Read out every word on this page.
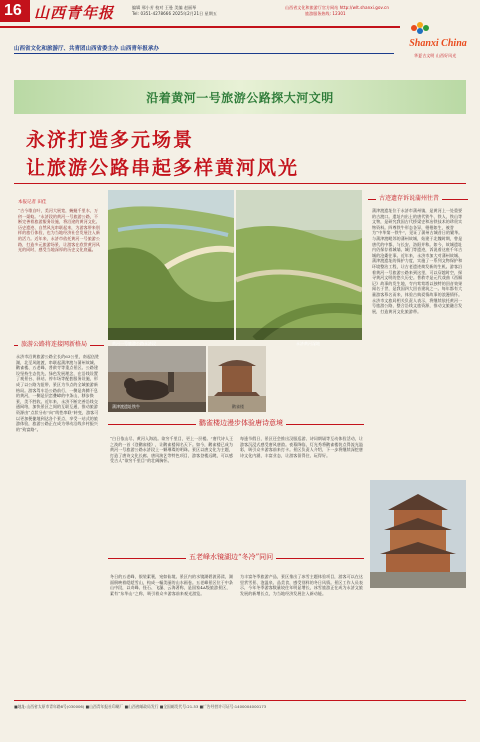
16 山西青年报	编辑 邢小芳 校对 王曼 美编 赵丽琴
Tel: 0351-4278666 2025年2月21日 星期五
山西省文化和旅游厅官方网站 http://wlt.shanxi.gov.cn
旅游服务热线: 12301
Shanxi China
华夏古文明 山西好风光
山西省文化和旅游厅、共青团山西省委主办 山西青年报承办
沿着黄河一号旅游公路探大河文明
永济打造多元场景
让旅游公路串起多样黄河风光
本报记者 田佳
“古今歌自叶，美河大展宽，蜿蜒千里水，万仞一渠蛟。”永济段的黄河一号旅游公路，不断完善着旅游服务设施，将沿途的黄河文化、历史遗迹、自然风光串联起来，为游客带来别样的旅行体验，也为当地经济社会发展注入新的活力。近年来，永济市依托黄河一号旅游公路，打造多元旅游场景，让游客在欣赏黄河风光的同时，感受当地深厚的历史文化底蕴。
旅游公路将连接网新格局
永济市沿黄旅游公路全长约63公里，南起伍姓湖，北至风陵渡，串联起蒲津渡与蒲州故城、鹳雀楼、五老峰、普救寺等重点景区。公路建设坚持生态优先、绿色发展理念，在沿线设置了观景台、驿站、停车场等配套服务设施，形成了以公路为纽带、景区为节点的全域旅游新格局。游客驾车沿公路前行，一侧是奔腾不息的黄河，一侧是层峦叠嶂的中条山，移步换景，美不胜收。近年来，永济不断完善沿线交通网络，加快景区之间的互联互通，推动旅游资源由“点状分布”向“线性串联”转变，游客可以更加便捷地到达各个景点，享受一站式的旅游体验，旅游公路正在成为带动沿线乡村振兴的“致富路”。
黄河一号旅游公路永济段	永济黄河湿地
蒲津渡遗址铁牛	鹳雀楼
鹳雀楼边漫步体验唐诗意境
“白日依山尽，黄河入海流。欲穷千里目，更上一层楼。”唐代诗人王之涣的一首《登鹳雀楼》，让鹳雀楼闻名天下。如今，鹳雀楼已成为黄河一号旅游公路永济段上一颗璀璨的明珠。景区以唐文化为主题，打造了唐诗文化长廊、唐风演艺等特色项目，游客登楼远眺，可以感受古人“欲穷千里目”的壮阔胸怀。
每逢节假日，景区还会推出汉服巡游、诗词朗诵等互动体验活动，让游客沉浸式感受唐风唐韵。夜幕降临，灯光秀将鹳雀楼装点得流光溢彩，吸引众多游客前来打卡。景区负责人介绍，下一步将继续深挖唐诗文化内涵，丰富业态，让游客留得住、玩得好。
五老峰水镜湖边“冬冷”同问
冬日的五老峰，银装素裹，宛如仙境。景区内的水镜湖碧波荡漾，湖面倒映着皑皑雪山，构成一幅美丽的山水画卷。五老峰景区位于中条山中段，以奇峰、怪石、飞瀑、云海著称，是国家4A级旅游景区，素有“东华山”之称，吸引着众多游客前来观光游览。
为丰富冬季旅游产品，景区推出了冰雪主题体验项目，游客可以在这里赏雪景、泡温泉、品美食，感受别样的冬日风情。景区工作人员表示，今年冬季游客数量较往年明显增长，冰雪旅游正在成为永济文旅发展的新增长点，为当地经济发展注入新动能。
古迹遗存诉说蒲州往昔
蒲津渡遗址位于永济市蒲州镇，是黄河上一处重要的古渡口。遗址内出土的唐代铁牛、铁人、铁山等文物，是研究我国古代桥梁史和冶铁技术的珍贵实物资料。四尊铁牛形态各异，栩栩如生，被誉为“中华第一铁牛”，见证了蒲州古城昔日的繁华。与蒲津渡毗邻的蒲州故城，始建于北魏时期，曾是唐代的中都，与长安、洛阳并称。如今，故城遗址内仍保存着城墙、城门等遗迹，诉说着这座千年古城的沧桑往事。近年来，永济市加大对蒲州故城、蒲津渡遗址的保护力度，实施了一系列文物保护和环境整治工程，让古老遗迹焕发新的生机。游客沿着黄河一号旅游公路来到这里，可以穿越时空，探寻黄河文明的悠久历史。普救寺是元代戏曲《西厢记》故事的发生地，寺内莺莺塔以独特的回音效果闻名于世，是我国四大回音建筑之一。每年都有大量游客慕名而来，体验古典爱情故事的浪漫情怀。永济市文旅局相关负责人表示，将继续依托黄河一号旅游公路，整合沿线文旅资源，推动文旅融合发展，打造黄河文化旅游带。
■地址:山西省太原市青年路8号(030006) ■山西青年报社印刷厂 ■山西省邮政局发行 ■全国邮发代号:21-53 ■广告经营许可证号:1400004000173
